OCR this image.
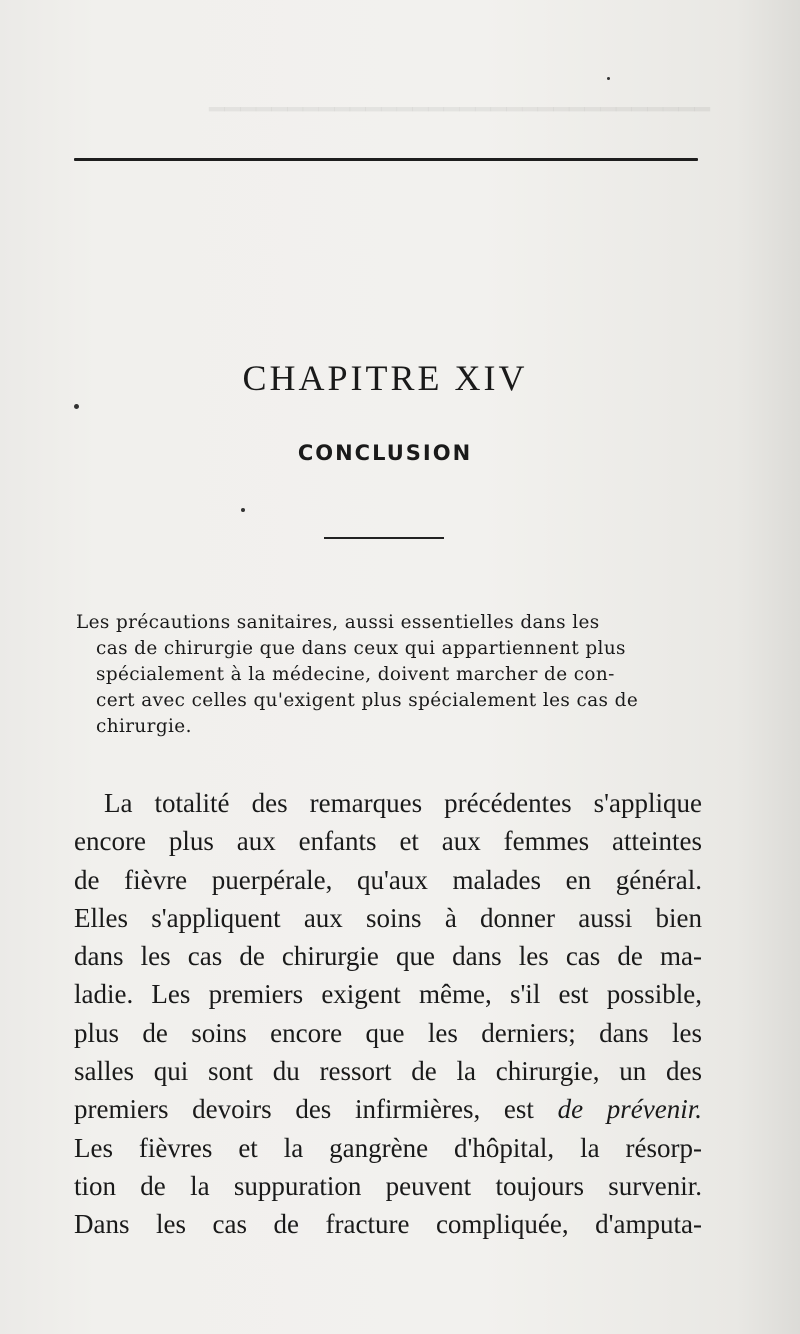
━━━━━━━━━━━━━━━━━━━━━━━━━━━━━━━━
CHAPITRE XIV
CONCLUSION

Les précautions sanitaires, aussi essentielles dans les
cas de chirurgie que dans ceux qui appartiennent plus
spécialement à la médecine, doivent marcher de con-
cert avec celles qu'exigent plus spécialement les cas de
chirurgie.

La totalité des remarques précédentes s'applique
encore plus aux enfants et aux femmes atteintes
de fièvre puerpérale, qu'aux malades en général.
Elles s'appliquent aux soins à donner aussi bien
dans les cas de chirurgie que dans les cas de ma-
ladie. Les premiers exigent même, s'il est possible,
plus de soins encore que les derniers; dans les
salles qui sont du ressort de la chirurgie, un des
premiers devoirs des infirmières, est de prévenir.
Les fièvres et la gangrène d'hôpital, la résorp-
tion de la suppuration peuvent toujours survenir.
Dans les cas de fracture compliquée, d'amputa-
